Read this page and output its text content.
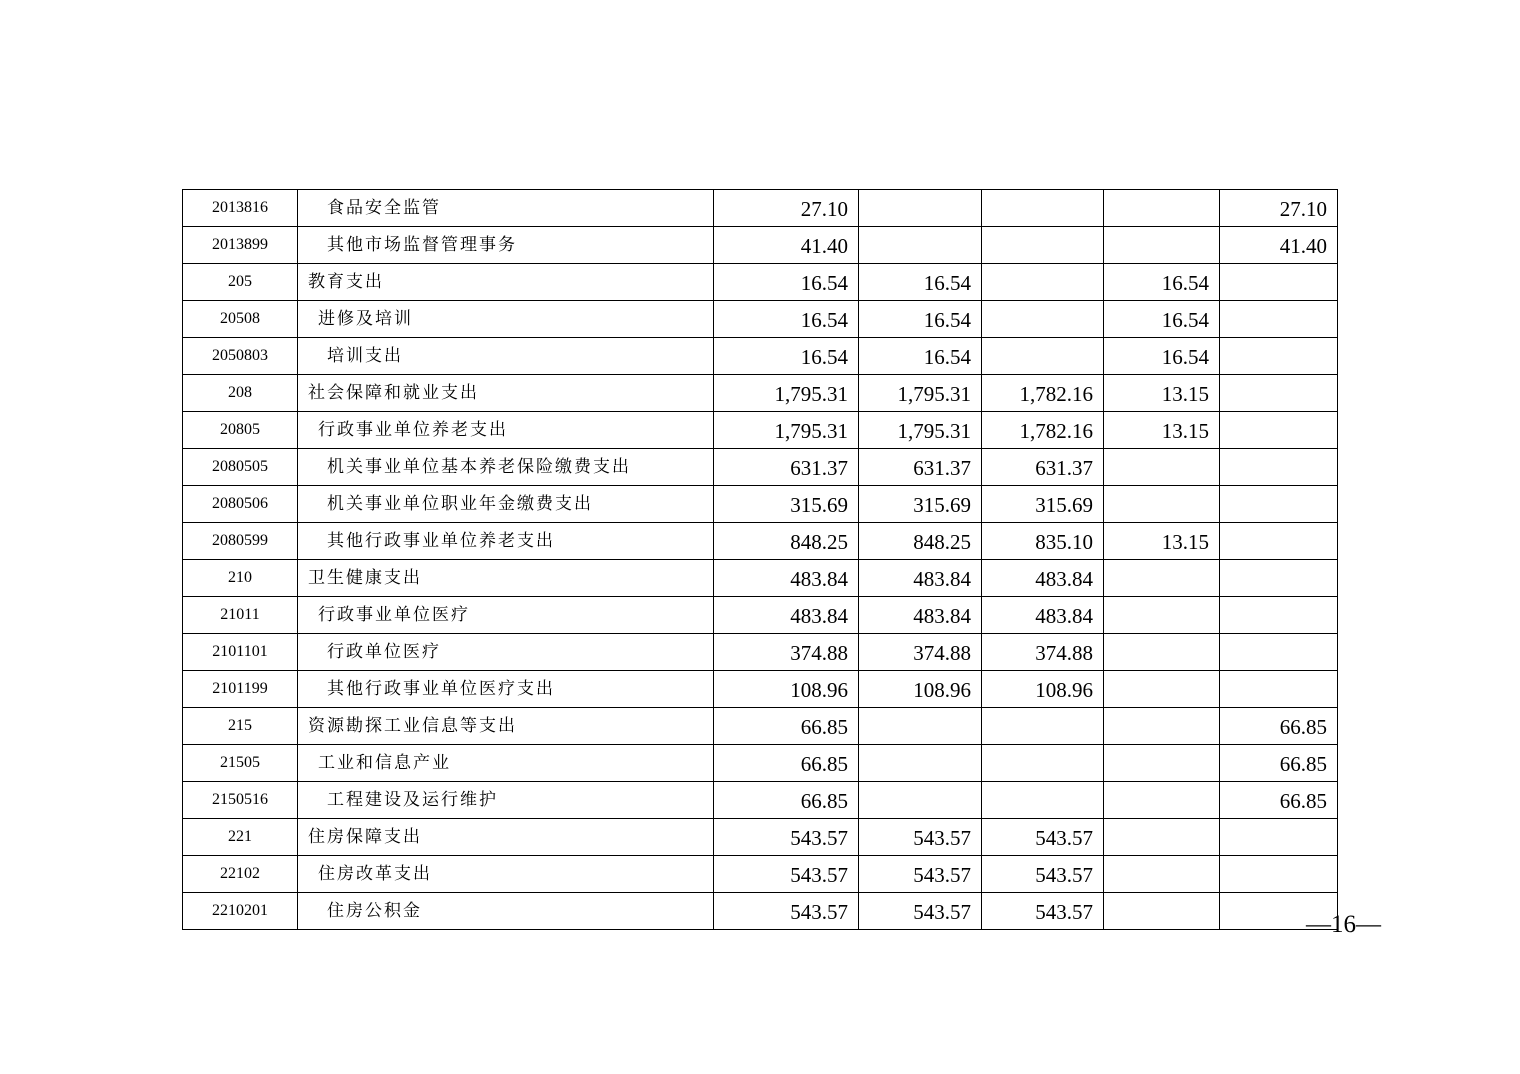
2013816	食品安全监管	27.10				27.10
2013899	其他市场监督管理事务	41.40				41.40
205	教育支出	16.54	16.54		16.54	
20508	进修及培训	16.54	16.54		16.54	
2050803	培训支出	16.54	16.54		16.54	
208	社会保障和就业支出	1,795.31	1,795.31	1,782.16	13.15	
20805	行政事业单位养老支出	1,795.31	1,795.31	1,782.16	13.15	
2080505	机关事业单位基本养老保险缴费支出	631.37	631.37	631.37		
2080506	机关事业单位职业年金缴费支出	315.69	315.69	315.69		
2080599	其他行政事业单位养老支出	848.25	848.25	835.10	13.15	
210	卫生健康支出	483.84	483.84	483.84		
21011	行政事业单位医疗	483.84	483.84	483.84		
2101101	行政单位医疗	374.88	374.88	374.88		
2101199	其他行政事业单位医疗支出	108.96	108.96	108.96		
215	资源勘探工业信息等支出	66.85				66.85
21505	工业和信息产业	66.85				66.85
2150516	工程建设及运行维护	66.85				66.85
221	住房保障支出	543.57	543.57	543.57		
22102	住房改革支出	543.57	543.57	543.57		
2210201	住房公积金	543.57	543.57	543.57			—16—
